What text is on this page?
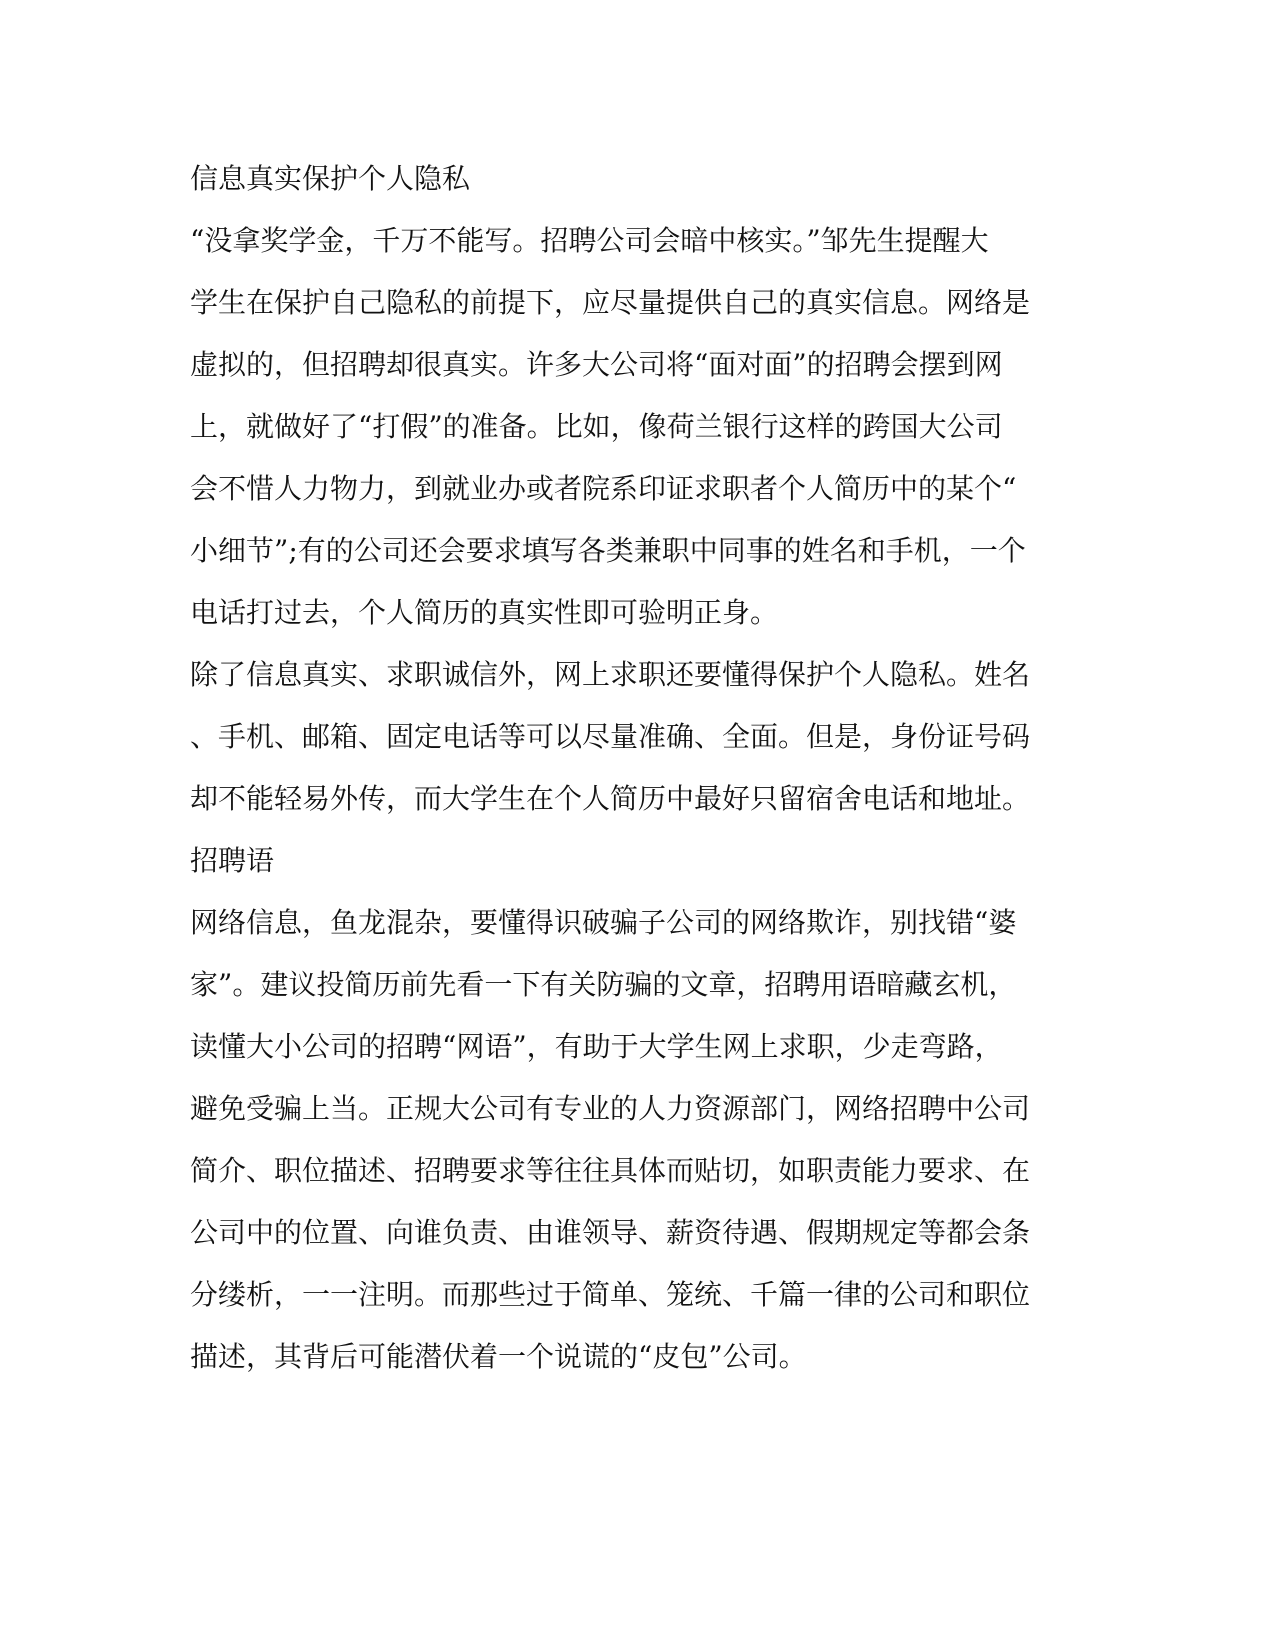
信息真实保护个人隐私
“没拿奖学金，千万不能写。招聘公司会暗中核实。”邹先生提醒大
学生在保护自己隐私的前提下，应尽量提供自己的真实信息。网络是
虚拟的，但招聘却很真实。许多大公司将“面对面”的招聘会摆到网
上，就做好了“打假”的准备。比如，像荷兰银行这样的跨国大公司
会不惜人力物力，到就业办或者院系印证求职者个人简历中的某个“
小细节”;有的公司还会要求填写各类兼职中同事的姓名和手机，一个
电话打过去，个人简历的真实性即可验明正身。
除了信息真实、求职诚信外，网上求职还要懂得保护个人隐私。姓名
、手机、邮箱、固定电话等可以尽量准确、全面。但是，身份证号码
却不能轻易外传，而大学生在个人简历中最好只留宿舍电话和地址。
招聘语
网络信息，鱼龙混杂，要懂得识破骗子公司的网络欺诈，别找错“婆
家”。建议投简历前先看一下有关防骗的文章，招聘用语暗藏玄机，
读懂大小公司的招聘“网语”，有助于大学生网上求职，少走弯路，
避免受骗上当。正规大公司有专业的人力资源部门，网络招聘中公司
简介、职位描述、招聘要求等往往具体而贴切，如职责能力要求、在
公司中的位置、向谁负责、由谁领导、薪资待遇、假期规定等都会条
分缕析，一一注明。而那些过于简单、笼统、千篇一律的公司和职位
描述，其背后可能潜伏着一个说谎的“皮包”公司。
